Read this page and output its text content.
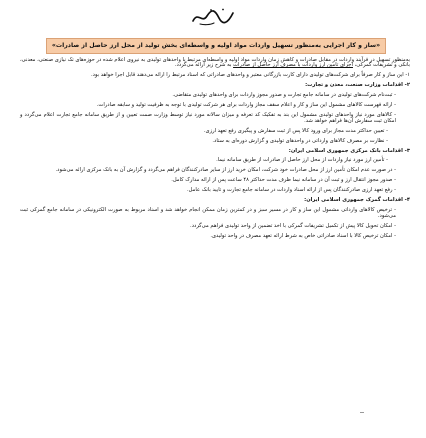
«ساز و کار اجرایی به‌منظور تسهیل واردات مواد اولیه و واسطه‌ای بخش تولید از محل ارز حاصل از صادرات»

به‌منظور تسهیل در فرآیند واردات در مقابل صادرات و کاهش زمان واردات مواد اولیه و واسطه‌ای مرتبط با واحدهای تولیدی به نیروی اعلام شده در حوزه‌های تک نیازی صنعتی، معدنی، بانکی و تشریفات گمرکی، اجرای تامین ارز واردات با مصرف ارز حاصل از صادرات به شرح زیر ارائه می‌گردد.

۱- این ساز و کار صرفاً برای شرکت‌های تولیدی دارای کارت بازرگانی معتبر و واحدهای صادراتی که اسناد مرتبط را ارائه می‌دهند قابل اجرا خواهد بود.

۲- اقدامات وزارت صنعت، معدن و تجارت:

- ثبت‌نام شرکت‌های تولیدی در سامانه جامع تجارت و صدور مجوز واردات برای واحدهای تولیدی متقاضی.

- ارائه فهرست کالاهای مشمول این ساز و کار و اعلام سقف مجاز واردات برای هر شرکت تولیدی با توجه به ظرفیت تولید و سابقه صادرات.

- کالاهای مورد نیاز واحدهای تولیدی مشمول این بند به تفکیک کد تعرفه و میزان سالانه مورد نیاز توسط وزارت صمت تعیین و از طریق سامانه جامع تجارت اعلام می‌گردد و امکان ثبت سفارش آن‌ها فراهم خواهد شد.

- تعیین حداکثر مدت مجاز برای ورود کالا پس از ثبت سفارش و پیگیری رفع تعهد ارزی.

- نظارت بر مصرف کالاهای وارداتی در واحدهای تولیدی و گزارش دوره‌ای به ستاد.

۳- اقدامات بانک مرکزی جمهوری اسلامی ایران:

- تأمین ارز مورد نیاز واردات از محل ارز حاصل از صادرات از طریق سامانه نیما.

- در صورت عدم امکان تأمین ارز از محل صادرات خود شرکت، امکان خرید ارز از سایر صادرکنندگان فراهم می‌گردد و گزارش آن به بانک مرکزی ارائه می‌شود.

- صدور مجوز انتقال ارز و ثبت آن در سامانه نیما ظرف مدت حداکثر ۴۸ ساعت پس از ارائه مدارک کامل.

- رفع تعهد ارزی صادرکنندگان پس از ارائه اسناد واردات در سامانه جامع تجارت و تایید بانک عامل.

۴- اقدامات گمرک جمهوری اسلامی ایران:

- ترخیص کالاهای وارداتی مشمول این ساز و کار در مسیر سبز و در کمترین زمان ممکن انجام خواهد شد و اسناد مربوط به صورت الکترونیکی در سامانه جامع گمرکی ثبت می‌شود.

- امکان تحویل کالا پیش از تکمیل تشریفات گمرکی با اخذ تضمین از واحد تولیدی فراهم می‌گردد.

- امکان ترخیص کالا با اسناد صادراتی خاص به شرط ارائه تعهد مصرف در واحد تولیدی.
